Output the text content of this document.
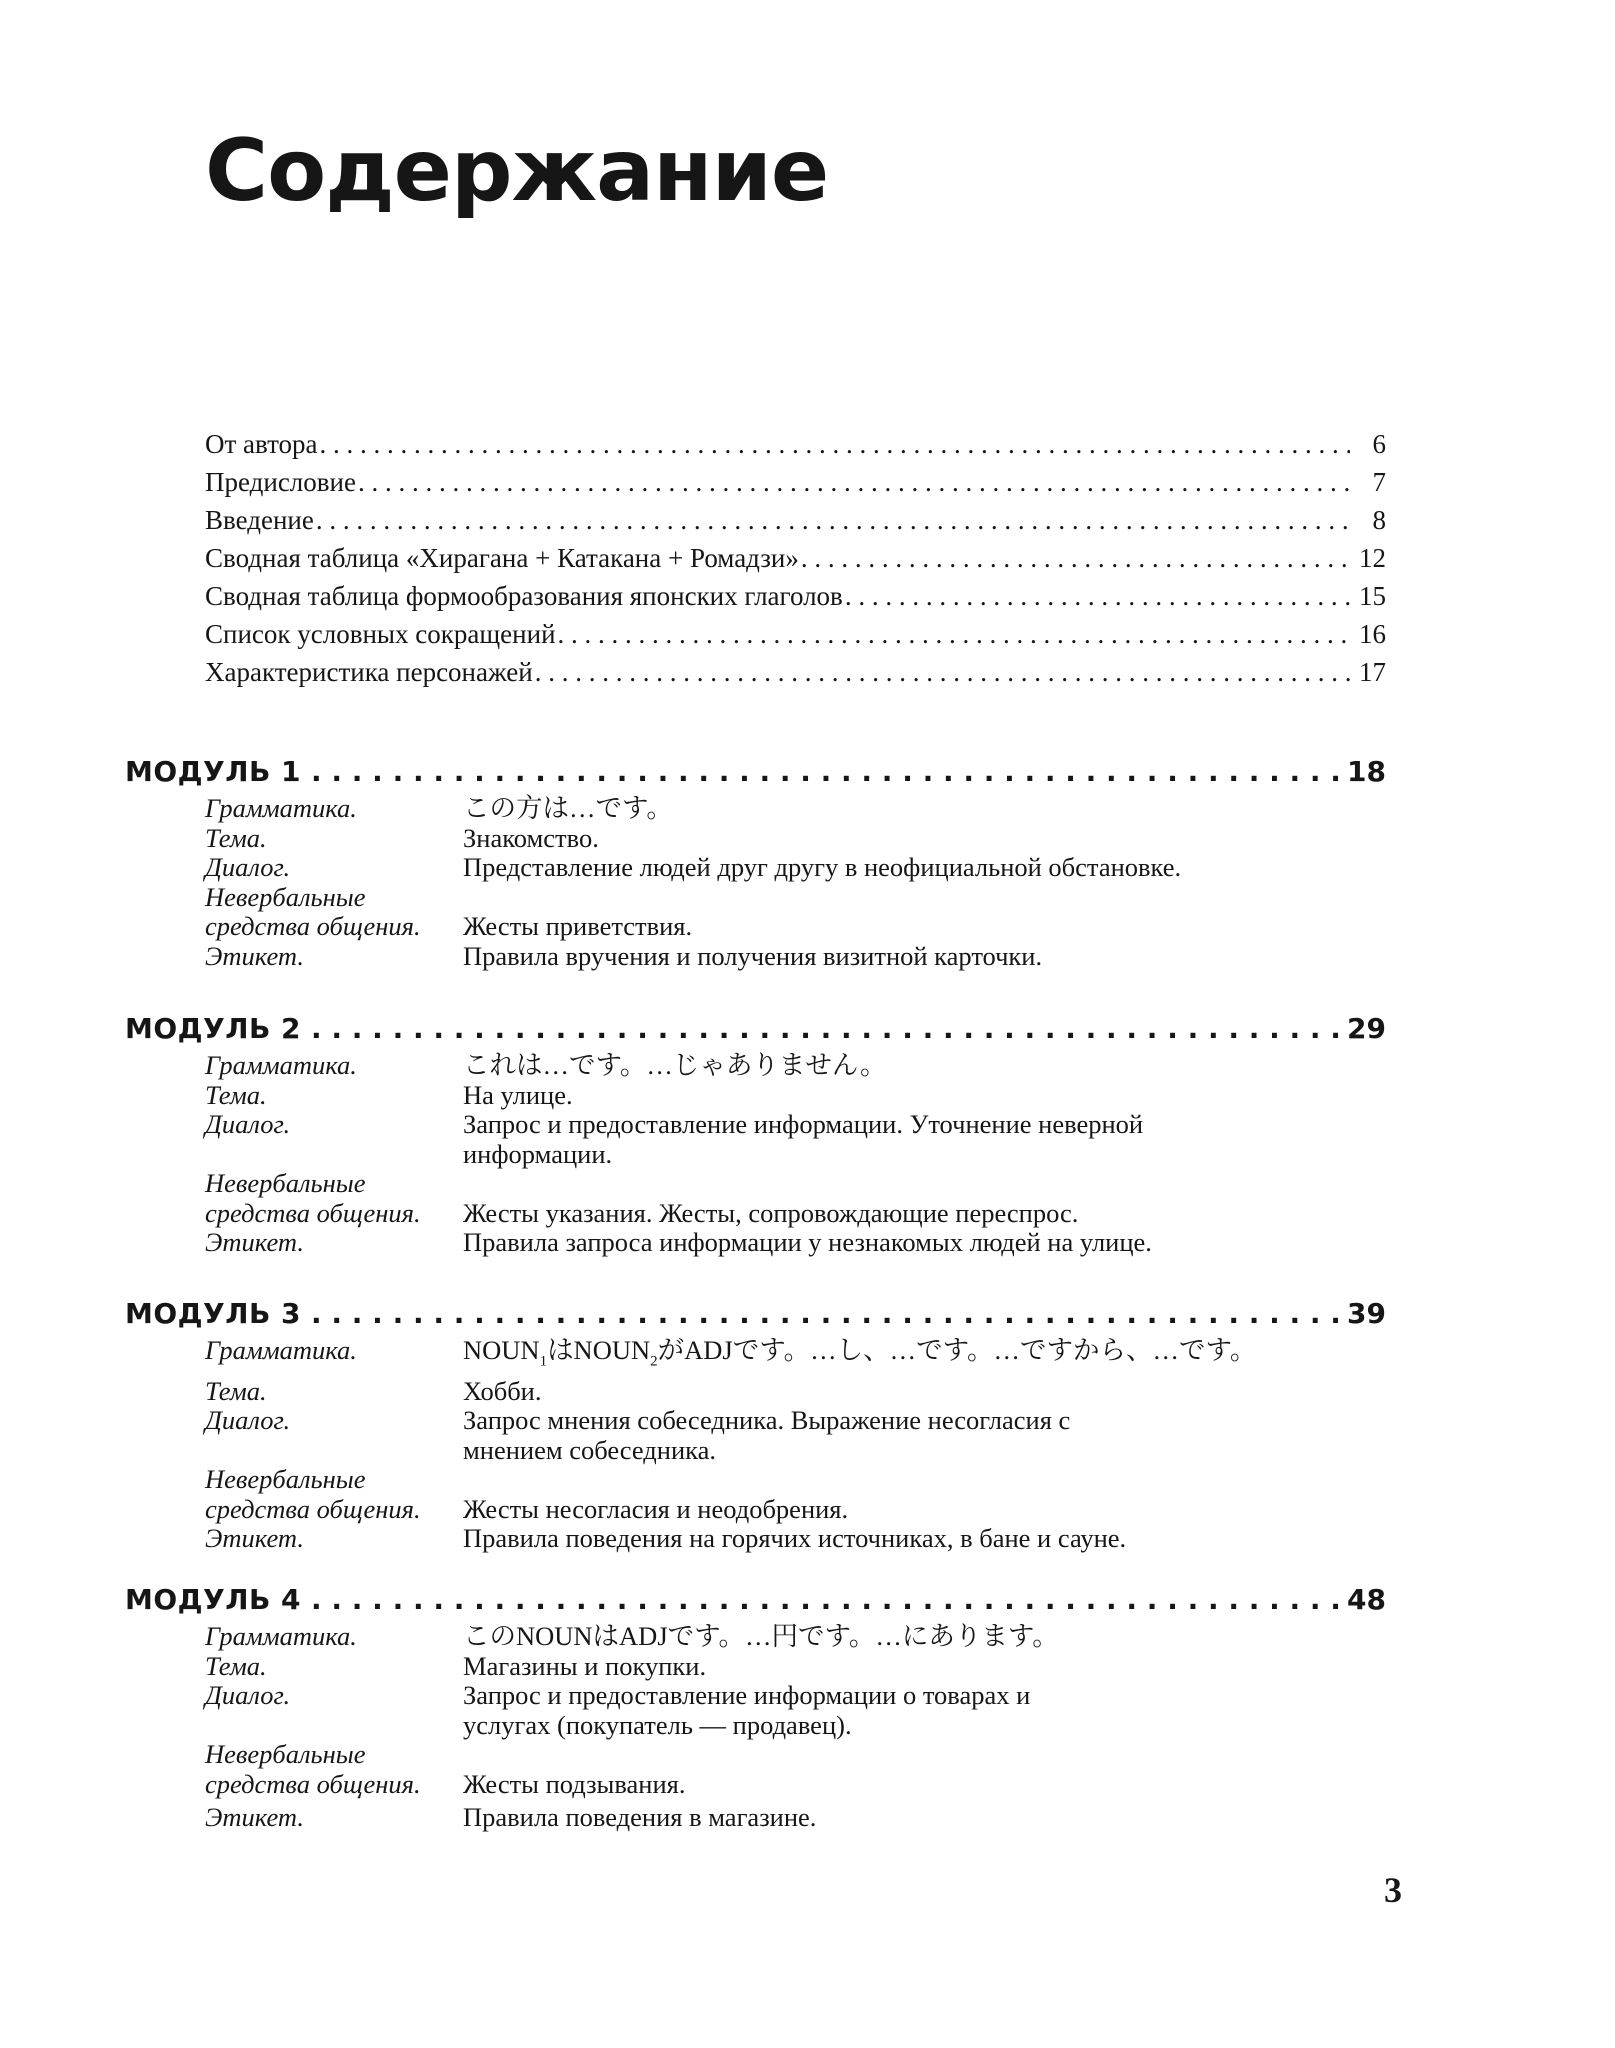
Содержание
От автора . . .	6
Предисловие . . .	7
Введение . . .	8
Сводная таблица «Хирагана + Катакана + Ромадзи» . . .	12
Сводная таблица формообразования японских глаголов . . .	15
Список условных сокращений . . .	16
Характеристика персонажей . . .	17
МОДУЛЬ 1 . . .	18
Грамматика.	この方は…です。
Тема.	Знакомство.
Диалог.	Представление людей друг другу в неофициальной обстановке.
Невербальные
средства общения.	Жесты приветствия.
Этикет.	Правила вручения и получения визитной карточки.
МОДУЛЬ 2 . . .	29
Грамматика.	これは…です。…じゃありません。
Тема.	На улице.
Диалог.	Запрос и предоставление информации. Уточнение неверной информации.
Невербальные
средства общения.	Жесты указания. Жесты, сопровождающие переспрос.
Этикет.	Правила запроса информации у незнакомых людей на улице.
МОДУЛЬ 3 . . .	39
Грамматика.	$NOUN_1$は$NOUN_2$がADJです。…し、…です。…ですから、…です。
Тема.	Хобби.
Диалог.	Запрос мнения собеседника. Выражение несогласия с мнением собеседника.
Невербальные
средства общения.	Жесты несогласия и неодобрения.
Этикет.	Правила поведения на горячих источниках, в бане и сауне.
МОДУЛЬ 4 . . .	48
Грамматика.	このNOUNはADJです。…円です。…にあります。
Тема.	Магазины и покупки.
Диалог.	Запрос и предоставление информации о товарах и услугах (покупатель — продавец).
Невербальные
средства общения.	Жесты подзывания.
Этикет.	Правила поведения в магазине.
3
